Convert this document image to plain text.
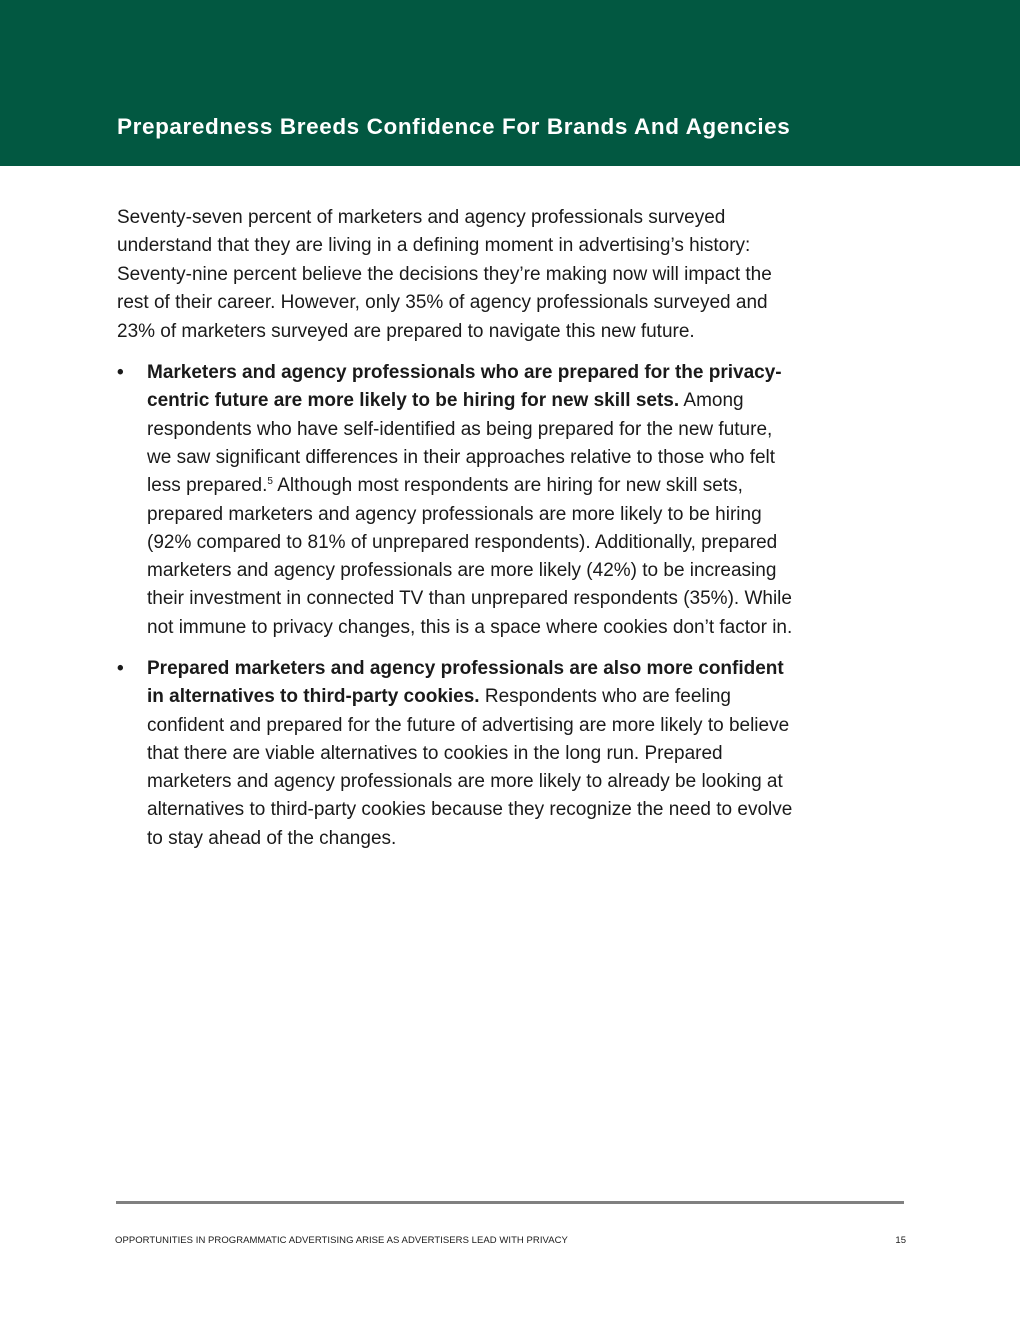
Preparedness Breeds Confidence For Brands And Agencies

Seventy-seven percent of marketers and agency professionals surveyed understand that they are living in a defining moment in advertising’s history: Seventy-nine percent believe the decisions they’re making now will impact the rest of their career. However, only 35% of agency professionals surveyed and 23% of marketers surveyed are prepared to navigate this new future.

• Marketers and agency professionals who are prepared for the privacy-centric future are more likely to be hiring for new skill sets. Among respondents who have self-identified as being prepared for the new future, we saw significant differences in their approaches relative to those who felt less prepared.$^5$ Although most respondents are hiring for new skill sets, prepared marketers and agency professionals are more likely to be hiring (92% compared to 81% of unprepared respondents). Additionally, prepared marketers and agency professionals are more likely (42%) to be increasing their investment in connected TV than unprepared respondents (35%). While not immune to privacy changes, this is a space where cookies don’t factor in.
• Prepared marketers and agency professionals are also more confident in alternatives to third-party cookies. Respondents who are feeling confident and prepared for the future of advertising are more likely to believe that there are viable alternatives to cookies in the long run. Prepared marketers and agency professionals are more likely to already be looking at alternatives to third-party cookies because they recognize the need to evolve to stay ahead of the changes.
OPPORTUNITIES IN PROGRAMMATIC ADVERTISING ARISE AS ADVERTISERS LEAD WITH PRIVACY	15
